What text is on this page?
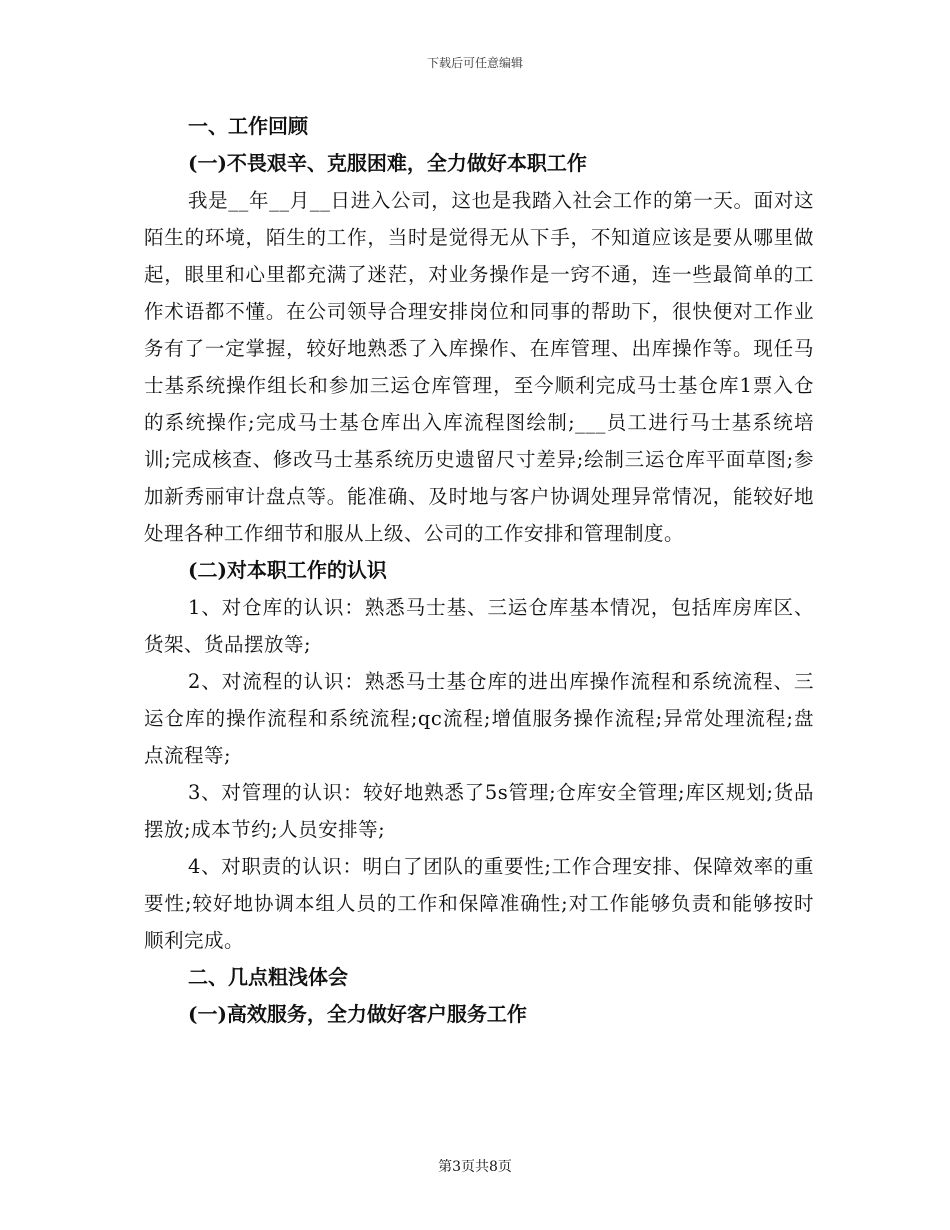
下载后可任意编辑
一、工作回顾
(一)不畏艰辛、克服困难，全力做好本职工作

我是__年__月__日进入公司，这也是我踏入社会工作的第一天。面对这陌生的环境，陌生的工作，当时是觉得无从下手，不知道应该是要从哪里做起，眼里和心里都充满了迷茫，对业务操作是一窍不通，连一些最简单的工作术语都不懂。在公司领导合理安排岗位和同事的帮助下，很快便对工作业务有了一定掌握，较好地熟悉了入库操作、在库管理、出库操作等。现任马士基系统操作组长和参加三运仓库管理，至今顺利完成马士基仓库1票入仓的系统操作;完成马士基仓库出入库流程图绘制;___员工进行马士基系统培训;完成核查、修改马士基系统历史遗留尺寸差异;绘制三运仓库平面草图;参加新秀丽审计盘点等。能准确、及时地与客户协调处理异常情况，能较好地处理各种工作细节和服从上级、公司的工作安排和管理制度。

(二)对本职工作的认识

1、对仓库的认识：熟悉马士基、三运仓库基本情况，包括库房库区、货架、货品摆放等;

2、对流程的认识：熟悉马士基仓库的进出库操作流程和系统流程、三运仓库的操作流程和系统流程;qc流程;增值服务操作流程;异常处理流程;盘点流程等;

3、对管理的认识：较好地熟悉了5s管理;仓库安全管理;库区规划;货品摆放;成本节约;人员安排等;

4、对职责的认识：明白了团队的重要性;工作合理安排、保障效率的重要性;较好地协调本组人员的工作和保障准确性;对工作能够负责和能够按时顺利完成。

二、几点粗浅体会
(一)高效服务，全力做好客户服务工作
第3页共8页
